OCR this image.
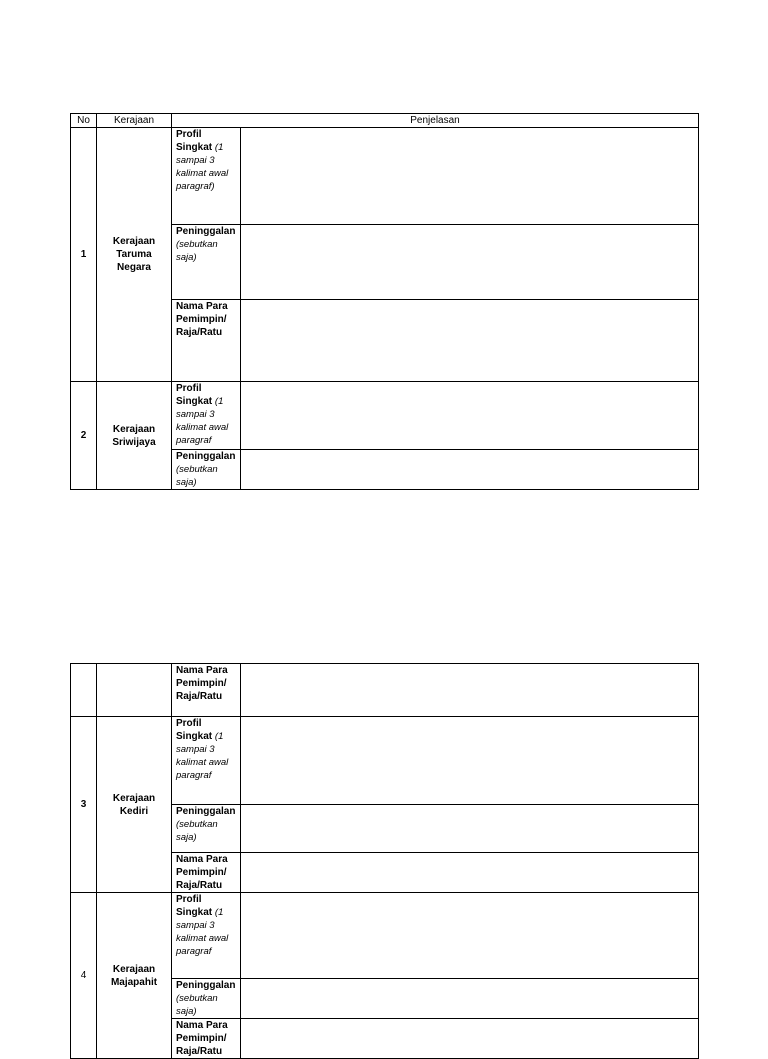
No	Kerajaan	Penjelasan	
1	Kerajaan Taruma Negara	Profil Singkat (1 sampai 3 kalimat awal paragraf)	
		Peninggalan
(sebutkan saja)	
		Nama Para Pemimpin/ Raja/Ratu	
2	Kerajaan Sriwijaya	Profil Singkat (1 sampai 3 kalimat awal paragraf	
		Peninggalan
(sebutkan saja)	
		Nama Para Pemimpin/ Raja/Ratu	
3	Kerajaan Kediri	Profil Singkat (1 sampai 3 kalimat awal paragraf	
		Peninggalan
(sebutkan saja)	
		Nama Para Pemimpin/ Raja/Ratu	
4	Kerajaan Majapahit	Profil Singkat (1 sampai 3 kalimat awal paragraf	
		Peninggalan
(sebutkan saja)	
		Nama Para Pemimpin/ Raja/Ratu	
